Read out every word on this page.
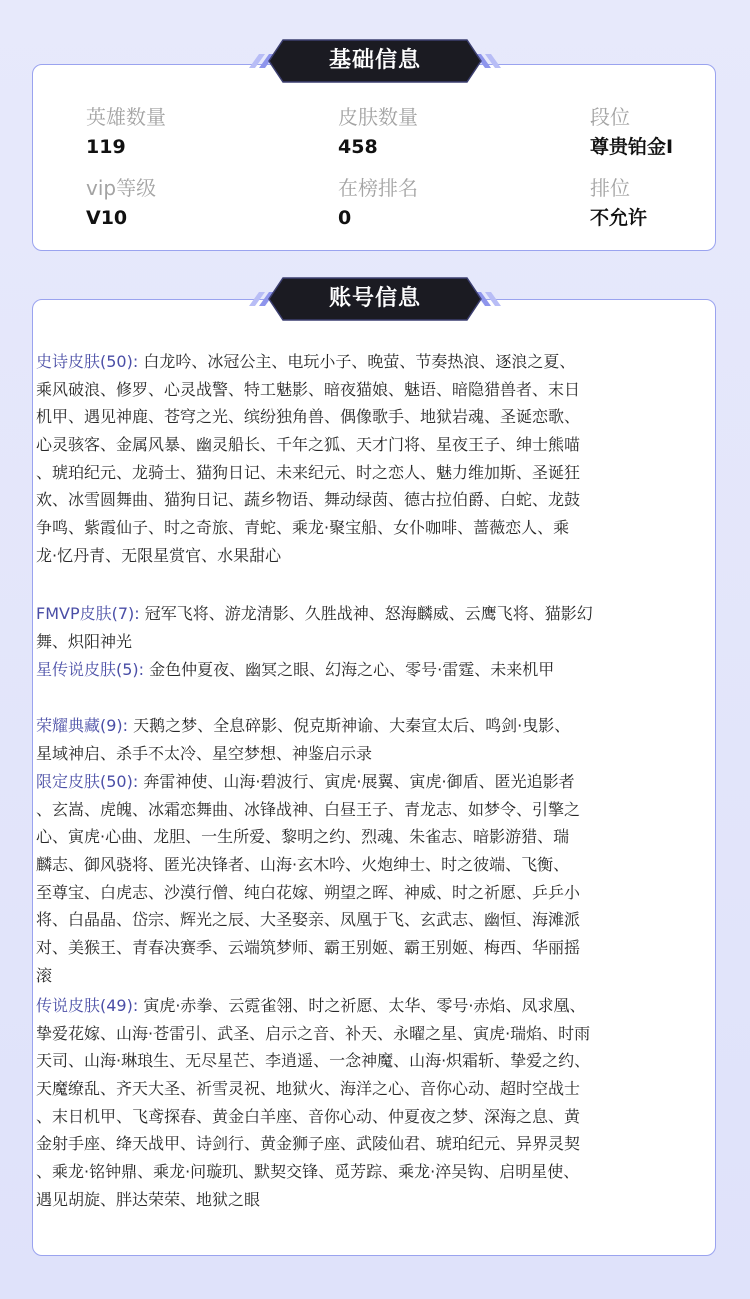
英雄数量
119
皮肤数量
458
段位
尊贵铂金I
vip等级
V10
在榜排名
0
排位
不允许
基础信息
账号信息
史诗皮肤(50): 白龙吟、冰冠公主、电玩小子、晚萤、节奏热浪、逐浪之夏、
乘风破浪、修罗、心灵战警、特工魅影、暗夜猫娘、魅语、暗隐猎兽者、末日
机甲、遇见神鹿、苍穹之光、缤纷独角兽、偶像歌手、地狱岩魂、圣诞恋歌、
心灵骇客、金属风暴、幽灵船长、千年之狐、天才门将、星夜王子、绅士熊喵
、琥珀纪元、龙骑士、猫狗日记、未来纪元、时之恋人、魅力维加斯、圣诞狂
欢、冰雪圆舞曲、猫狗日记、蔬乡物语、舞动绿茵、德古拉伯爵、白蛇、龙鼓
争鸣、紫霞仙子、时之奇旅、青蛇、乘龙·聚宝船、女仆咖啡、蔷薇恋人、乘
龙·忆丹青、无限星赏官、水果甜心
FMVP皮肤(7): 冠军飞将、游龙清影、久胜战神、怒海麟威、云鹰飞将、猫影幻
舞、炽阳神光
星传说皮肤(5): 金色仲夏夜、幽冥之眼、幻海之心、零号·雷霆、未来机甲
荣耀典藏(9): 天鹅之梦、全息碎影、倪克斯神谕、大秦宣太后、鸣剑·曳影、
星域神启、杀手不太冷、星空梦想、神鉴启示录
限定皮肤(50): 奔雷神使、山海·碧波行、寅虎·展翼、寅虎·御盾、匿光追影者
、玄嵩、虎魄、冰霜恋舞曲、冰锋战神、白昼王子、青龙志、如梦令、引擎之
心、寅虎·心曲、龙胆、一生所爱、黎明之约、烈魂、朱雀志、暗影游猎、瑞
麟志、御风骁将、匿光决锋者、山海·玄木吟、火炮绅士、时之彼端、飞衡、
至尊宝、白虎志、沙漠行僧、纯白花嫁、朔望之晖、神威、时之祈愿、乒乒小
将、白晶晶、岱宗、辉光之辰、大圣娶亲、凤凰于飞、玄武志、幽恒、海滩派
对、美猴王、青春决赛季、云端筑梦师、霸王别姬、霸王别姬、梅西、华丽摇
滚
传说皮肤(49): 寅虎·赤拳、云霓雀翎、时之祈愿、太华、零号·赤焰、凤求凰、
挚爱花嫁、山海·苍雷引、武圣、启示之音、补天、永曜之星、寅虎·瑞焰、时雨
天司、山海·琳琅生、无尽星芒、李逍遥、一念神魔、山海·炽霜斩、挚爱之约、
天魔缭乱、齐天大圣、祈雪灵祝、地狱火、海洋之心、音你心动、超时空战士
、末日机甲、飞鸢探春、黄金白羊座、音你心动、仲夏夜之梦、深海之息、黄
金射手座、绛天战甲、诗剑行、黄金狮子座、武陵仙君、琥珀纪元、异界灵契
、乘龙·铭钟鼎、乘龙·问璇玑、默契交锋、觅芳踪、乘龙·淬吴钩、启明星使、
遇见胡旋、胖达荣荣、地狱之眼
